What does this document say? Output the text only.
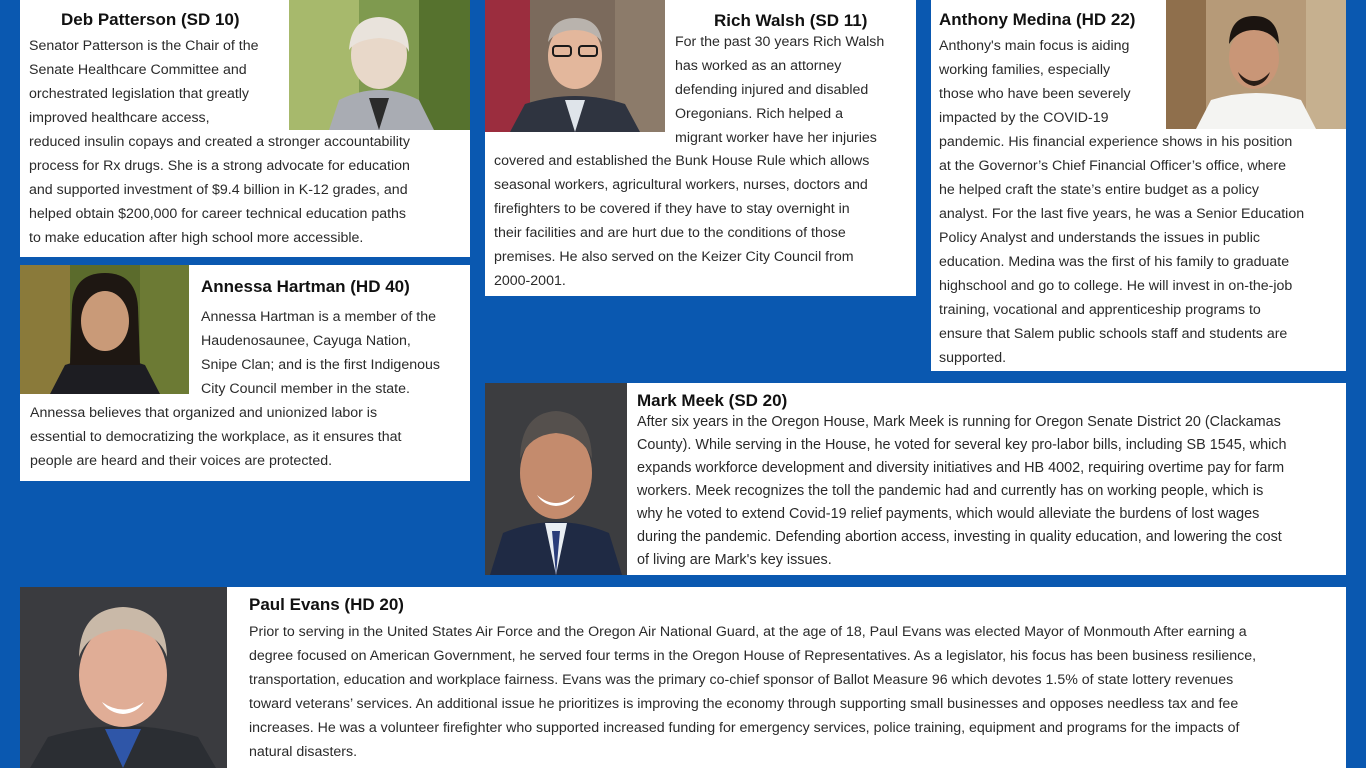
Deb Patterson (SD 10)
Senator Patterson is the Chair of the
Senate Healthcare Committee and
orchestrated legislation that greatly
improved healthcare access,
reduced insulin copays and created a stronger accountability
process for Rx drugs. She is a strong advocate for education
and supported investment of $9.4 billion in K-12 grades, and
helped obtain $200,000 for career technical education paths
to make education after high school more accessible.
Annessa Hartman (HD 40)
Annessa Hartman is a member of the
Haudenosaunee, Cayuga Nation,
Snipe Clan; and is the first Indigenous
City Council member in the state.
Annessa believes that organized and unionized labor is
essential to democratizing the workplace, as it ensures that
people are heard and their voices are protected.
Rich Walsh (SD 11)
For the past 30 years Rich Walsh
has worked as an attorney
defending injured and disabled
Oregonians. Rich helped a
migrant worker have her injuries
covered and established the Bunk House Rule which allows
seasonal workers, agricultural workers, nurses, doctors and
firefighters to be covered if they have to stay overnight in
their facilities and are hurt due to the conditions of those
premises. He also served on the Keizer City Council from
2000-2001.
Anthony Medina (HD 22)
Anthony's main focus is aiding
working families, especially
those who have been severely
impacted by the COVID-19
pandemic. His financial experience shows in his position
at the Governor’s Chief Financial Officer’s office, where
he helped craft the state’s entire budget as a policy
analyst. For the last five years, he was a Senior Education
Policy Analyst and understands the issues in public
education. Medina was the first of his family to graduate
highschool and go to college. He will invest in on-the-job
training, vocational and apprenticeship programs to
ensure that Salem public schools staff and students are
supported.
Mark Meek (SD 20)
After six years in the Oregon House, Mark Meek is running for Oregon Senate District 20 (Clackamas
County). While serving in the House, he voted for several key pro-labor bills, including SB 1545, which
expands workforce development and diversity initiatives and HB 4002, requiring overtime pay for farm
workers. Meek recognizes the toll the pandemic had and currently has on working people, which is
why he voted to extend Covid-19 relief payments, which would alleviate the burdens of lost wages
during the pandemic. Defending abortion access, investing in quality education, and lowering the cost
of living are Mark's key issues.
Paul Evans (HD 20)
Prior to serving in the United States Air Force and the Oregon Air National Guard, at the age of 18, Paul Evans was elected Mayor of Monmouth After earning a
degree focused on American Government, he served four terms in the Oregon House of Representatives. As a legislator, his focus has been business resilience,
transportation, education and workplace fairness. Evans was the primary co-chief sponsor of Ballot Measure 96 which devotes 1.5% of state lottery revenues
toward veterans’ services. An additional issue he prioritizes is improving the economy through supporting small businesses and opposes needless tax and fee
increases. He was a volunteer firefighter who supported increased funding for emergency services, police training, equipment and programs for the impacts of
natural disasters.
